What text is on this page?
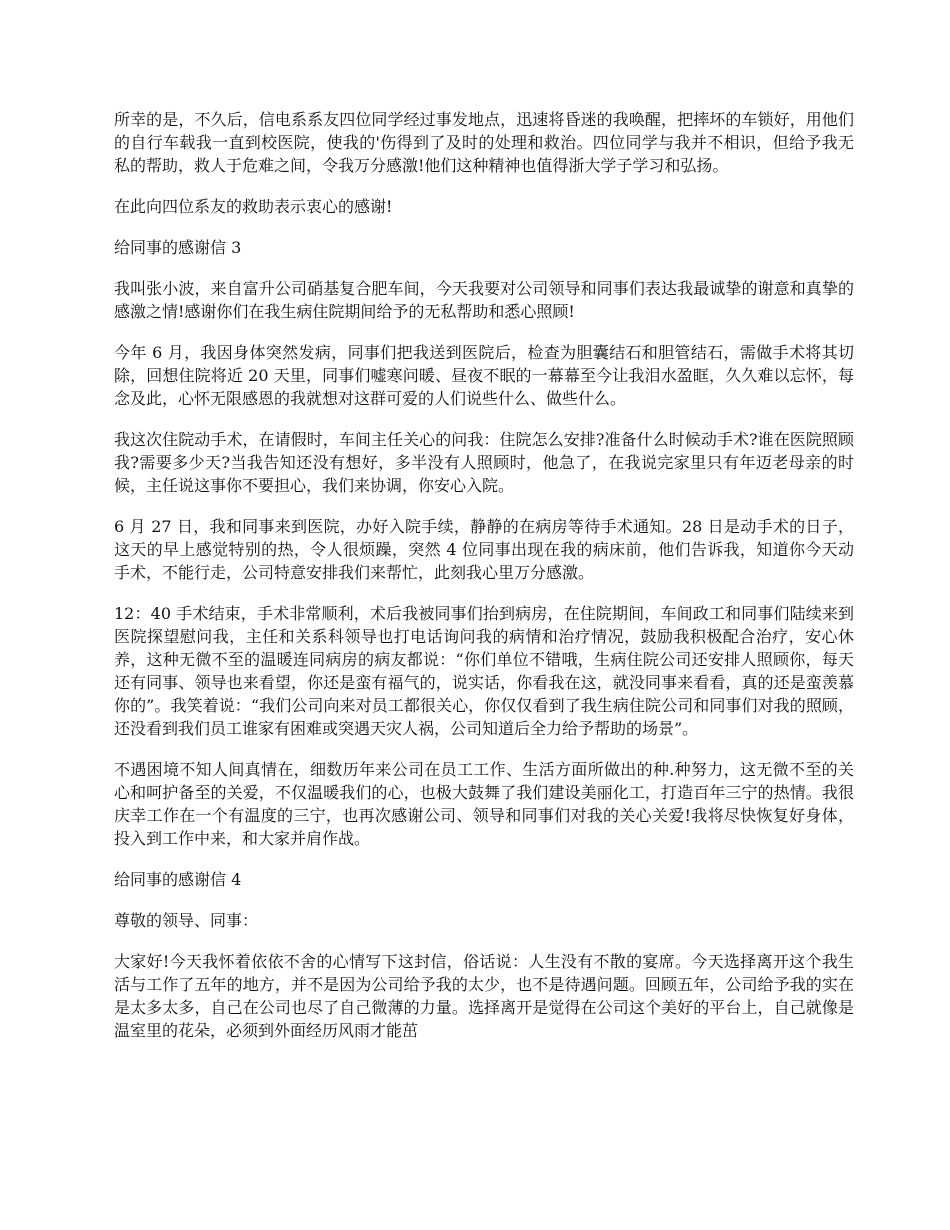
所幸的是，不久后，信电系系友四位同学经过事发地点，迅速将昏迷的我唤醒，把摔坏的车锁好，用他们的自行车载我一直到校医院，使我的'伤得到了及时的处理和救治。四位同学与我并不相识，但给予我无私的帮助，救人于危难之间，令我万分感激!他们这种精神也值得浙大学子学习和弘扬。

在此向四位系友的救助表示衷心的感谢!

给同事的感谢信 3

我叫张小波，来自富升公司硝基复合肥车间，今天我要对公司领导和同事们表达我最诚挚的谢意和真挚的感激之情!感谢你们在我生病住院期间给予的无私帮助和悉心照顾!

今年 6 月，我因身体突然发病，同事们把我送到医院后，检查为胆囊结石和胆管结石，需做手术将其切除，回想住院将近 20 天里，同事们嘘寒问暖、昼夜不眠的一幕幕至今让我泪水盈眶，久久难以忘怀，每念及此，心怀无限感恩的我就想对这群可爱的人们说些什么、做些什么。

我这次住院动手术，在请假时，车间主任关心的问我：住院怎么安排?准备什么时候动手术?谁在医院照顾我?需要多少天?当我告知还没有想好，多半没有人照顾时，他急了，在我说完家里只有年迈老母亲的时候，主任说这事你不要担心，我们来协调，你安心入院。

6 月 27 日，我和同事来到医院，办好入院手续，静静的在病房等待手术通知。28 日是动手术的日子，这天的早上感觉特别的热，令人很烦躁，突然 4 位同事出现在我的病床前，他们告诉我，知道你今天动手术，不能行走，公司特意安排我们来帮忙，此刻我心里万分感激。

12：40 手术结束，手术非常顺利，术后我被同事们抬到病房，在住院期间，车间政工和同事们陆续来到医院探望慰问我，主任和关系科领导也打电话询问我的病情和治疗情况，鼓励我积极配合治疗，安心休养，这种无微不至的温暖连同病房的病友都说：“你们单位不错哦，生病住院公司还安排人照顾你，每天还有同事、领导也来看望，你还是蛮有福气的，说实话，你看我在这，就没同事来看看，真的还是蛮羡慕你的”。我笑着说：“我们公司向来对员工都很关心，你仅仅看到了我生病住院公司和同事们对我的照顾，还没看到我们员工谁家有困难或突遇天灾人祸，公司知道后全力给予帮助的场景”。

不遇困境不知人间真情在，细数历年来公司在员工工作、生活方面所做出的种.种努力，这无微不至的关心和呵护备至的关爱，不仅温暖我们的心，也极大鼓舞了我们建设美丽化工，打造百年三宁的热情。我很庆幸工作在一个有温度的三宁，也再次感谢公司、领导和同事们对我的关心关爱!我将尽快恢复好身体，投入到工作中来，和大家并肩作战。

给同事的感谢信 4

尊敬的领导、同事：

大家好!今天我怀着依依不舍的心情写下这封信，俗话说：人生没有不散的宴席。今天选择离开这个我生活与工作了五年的地方，并不是因为公司给予我的太少，也不是待遇问题。回顾五年，公司给予我的实在是太多太多，自己在公司也尽了自己微薄的力量。选择离开是觉得在公司这个美好的平台上，自己就像是温室里的花朵，必须到外面经历风雨才能茁
